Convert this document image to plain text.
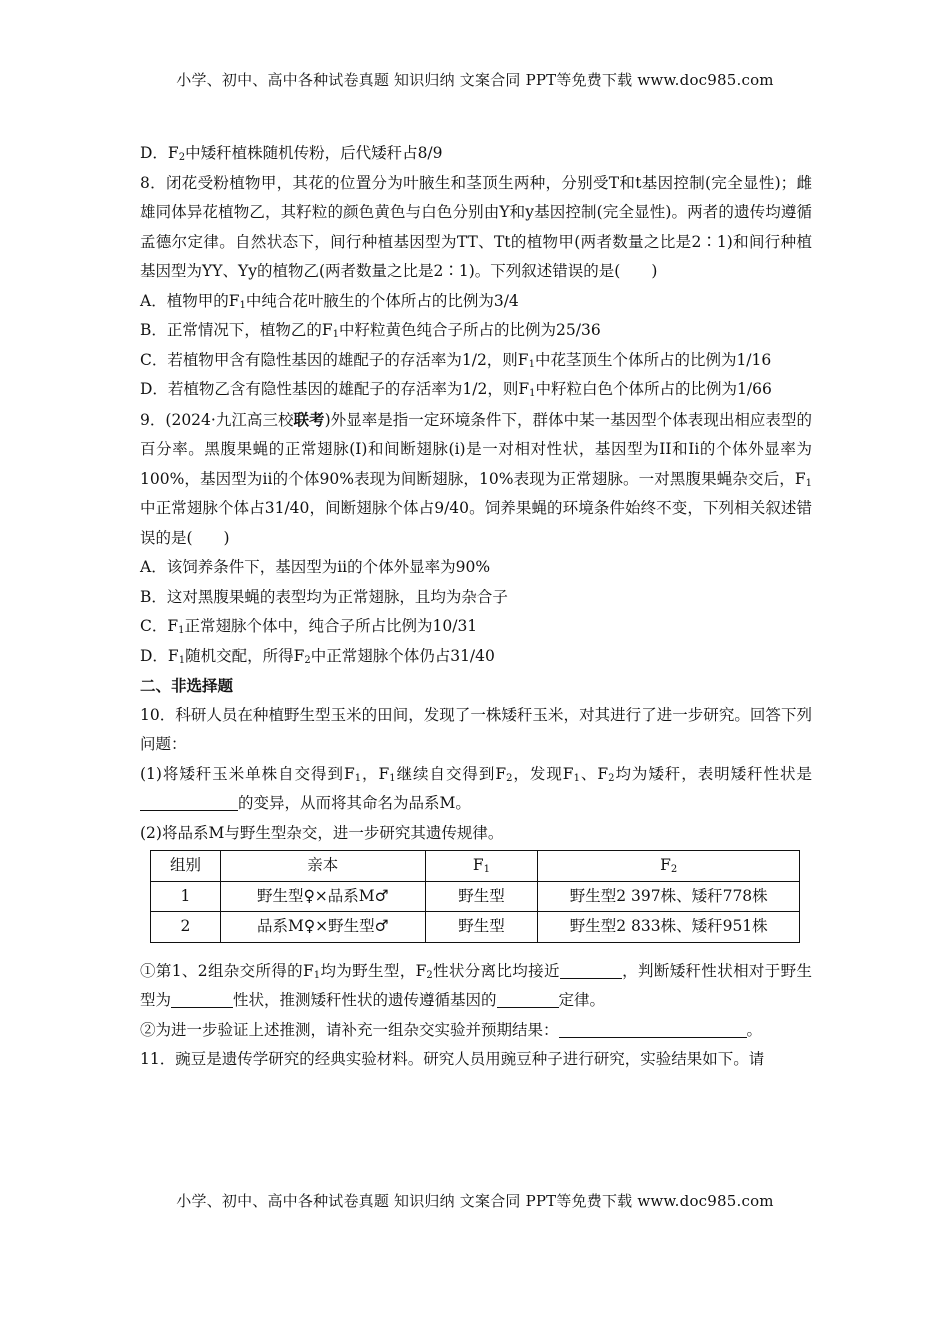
小学、初中、高中各种试卷真题 知识归纳 文案合同 PPT等免费下载 www.doc985.com

D．$F_2$中矮秆植株随机传粉，后代矮秆占8/9

8．闭花受粉植物甲，其花的位置分为叶腋生和茎顶生两种，分别受T和t基因控制(完全显性)；雌雄同体异花植物乙，其籽粒的颜色黄色与白色分别由Y和y基因控制(完全显性)。两者的遗传均遵循孟德尔定律。自然状态下，间行种植基因型为TT、Tt的植物甲(两者数量之比是2∶1)和间行种植基因型为YY、Yy的植物乙(两者数量之比是2∶1)。下列叙述错误的是(　　)

A．植物甲的$F_1$中纯合花叶腋生的个体所占的比例为3/4

B．正常情况下，植物乙的$F_1$中籽粒黄色纯合子所占的比例为25/36

C．若植物甲含有隐性基因的雄配子的存活率为1/2，则$F_1$中花茎顶生个体所占的比例为1/16

D．若植物乙含有隐性基因的雄配子的存活率为1/2，则$F_1$中籽粒白色个体所占的比例为1/66

9．(2024·九江高三校联考)外显率是指一定环境条件下，群体中某一基因型个体表现出相应表型的百分率。黑腹果蝇的正常翅脉(I)和间断翅脉(i)是一对相对性状，基因型为II和Ii的个体外显率为100%，基因型为ii的个体90%表现为间断翅脉，10%表现为正常翅脉。一对黑腹果蝇杂交后，$F_1$中正常翅脉个体占31/40，间断翅脉个体占9/40。饲养果蝇的环境条件始终不变，下列相关叙述错误的是(　　)

A．该饲养条件下，基因型为ii的个体外显率为90%

B．这对黑腹果蝇的表型均为正常翅脉，且均为杂合子

C．$F_1$正常翅脉个体中，纯合子所占比例为10/31

D．$F_1$随机交配，所得$F_2$中正常翅脉个体仍占31/40

二、非选择题

10．科研人员在种植野生型玉米的田间，发现了一株矮秆玉米，对其进行了进一步研究。回答下列问题：

(1)将矮秆玉米单株自交得到$F_1$，$F_1$继续自交得到$F_2$，发现$F_1$、$F_2$均为矮秆，表明矮秆性状是的变异，从而将其命名为品系M。

(2)将品系M与野生型杂交，进一步研究其遗传规律。

组别	亲本	$F_1$	$F_2$
1	野生型♀×品系M♂	野生型	野生型2 397株、矮秆778株
2	品系M♀×野生型♂	野生型	野生型2 833株、矮秆951株

①第1、2组杂交所得的$F_1$均为野生型，$F_2$性状分离比均接近	，判断矮秆性状相对于野生型为	性状，推测矮秆性状的遗传遵循基因的	定律。

②为进一步验证上述推测，请补充一组杂交实验并预期结果：	。

11．豌豆是遗传学研究的经典实验材料。研究人员用豌豆种子进行研究，实验结果如下。请

小学、初中、高中各种试卷真题 知识归纳 文案合同 PPT等免费下载 www.doc985.com
